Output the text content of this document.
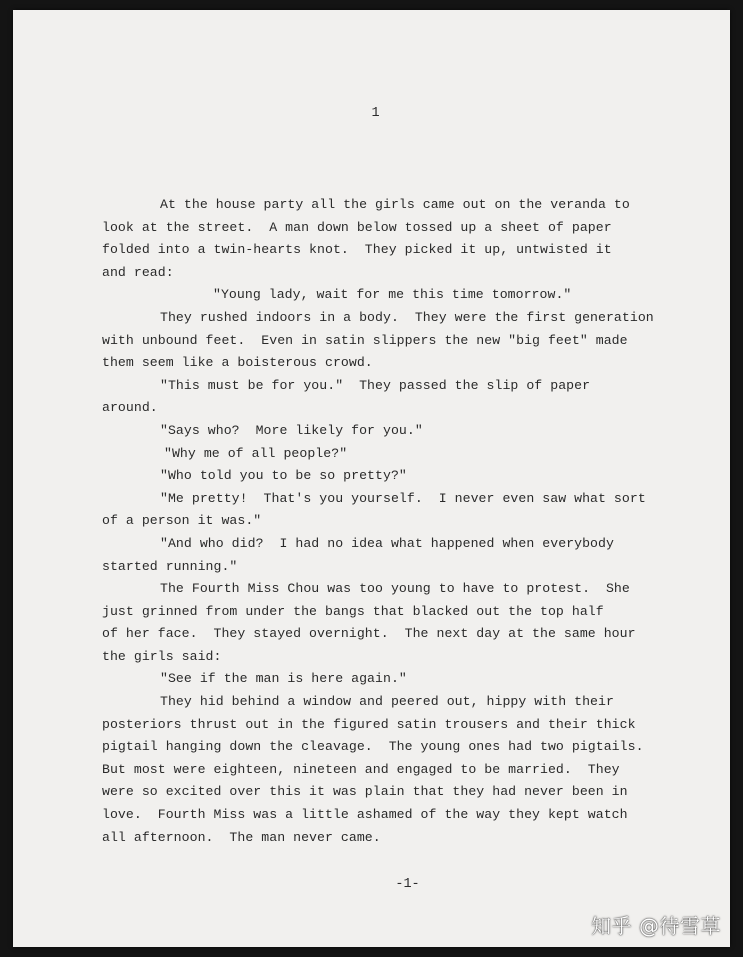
1
At the house party all the girls came out on the veranda to
look at the street.  A man down below tossed up a sheet of paper
folded into a twin-hearts knot.  They picked it up, untwisted it
and read:
"Young lady, wait for me this time tomorrow."
They rushed indoors in a body.  They were the first generation
with unbound feet.  Even in satin slippers the new "big feet" made
them seem like a boisterous crowd.
"This must be for you."  They passed the slip of paper
around.
"Says who?  More likely for you."
"Why me of all people?"
"Who told you to be so pretty?"
"Me pretty!  That's you yourself.  I never even saw what sort
of a person it was."
"And who did?  I had no idea what happened when everybody
started running."
The Fourth Miss Chou was too young to have to protest.  She
just grinned from under the bangs that blacked out the top half
of her face.  They stayed overnight.  The next day at the same hour
the girls said:
"See if the man is here again."
They hid behind a window and peered out, hippy with their
posteriors thrust out in the figured satin trousers and their thick
pigtail hanging down the cleavage.  The young ones had two pigtails.
But most were eighteen, nineteen and engaged to be married.  They
were so excited over this it was plain that they had never been in
love.  Fourth Miss was a little ashamed of the way they kept watch
all afternoon.  The man never came.
-1-
知乎 @待雪草
